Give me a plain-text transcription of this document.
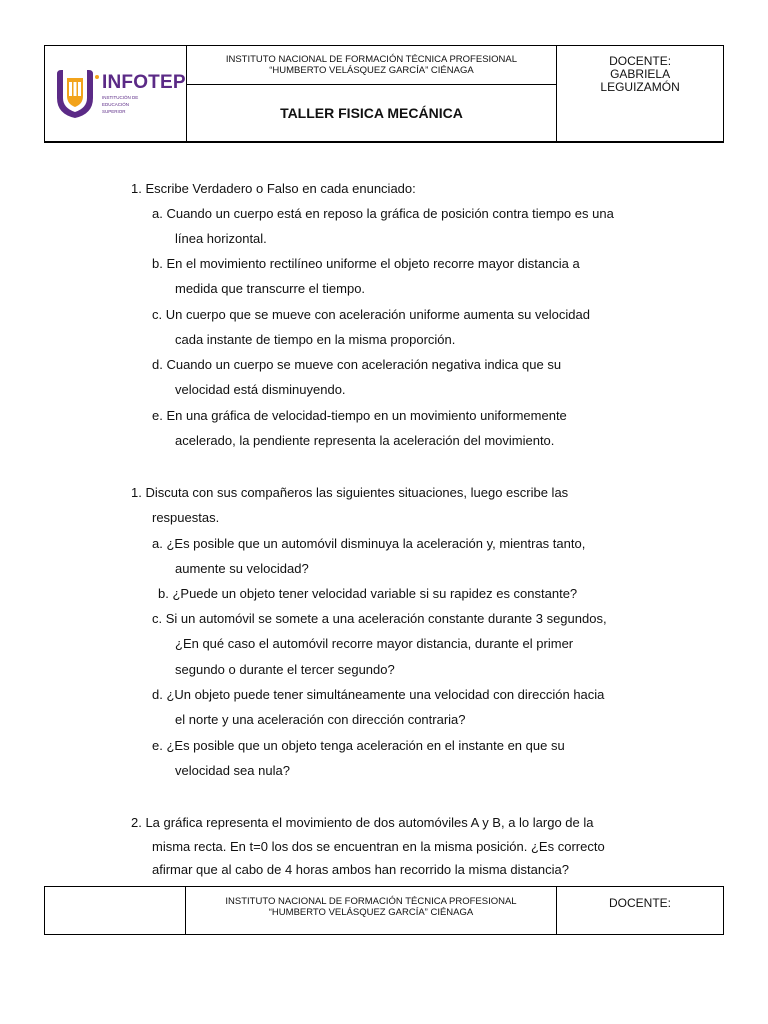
INFOTEP
INSTITUCIÓN DE
EDUCACIÓN
SUPERIOR

INSTITUTO NACIONAL DE FORMACIÓN TÉCNICA PROFESIONAL
“HUMBERTO VELÁSQUEZ GARCÍA” CIÉNAGA

DOCENTE:
GABRIELA
LEGUIZAMÓN

TALLER FISICA MECÁNICA
1. Escribe Verdadero o Falso en cada enunciado:
a. Cuando un cuerpo está en reposo la gráfica de posición contra tiempo es una
línea horizontal.
b. En el movimiento rectilíneo uniforme el objeto recorre mayor distancia a
medida que transcurre el tiempo.
c. Un cuerpo que se mueve con aceleración uniforme aumenta su velocidad
cada instante de tiempo en la misma proporción.
d. Cuando un cuerpo se mueve con aceleración negativa indica que su
velocidad está disminuyendo.
e. En una gráfica de velocidad-tiempo en un movimiento uniformemente
acelerado, la pendiente representa la aceleración del movimiento.
1. Discuta con sus compañeros las siguientes situaciones, luego escribe las
respuestas.
a. ¿Es posible que un automóvil disminuya la aceleración y, mientras tanto,
aumente su velocidad?
b. ¿Puede un objeto tener velocidad variable si su rapidez es constante?
c. Si un automóvil se somete a una aceleración constante durante 3 segundos,
¿En qué caso el automóvil recorre mayor distancia, durante el primer
segundo o durante el tercer segundo?
d. ¿Un objeto puede tener simultáneamente una velocidad con dirección hacia
el norte y una aceleración con dirección contraria?
e. ¿Es posible que un objeto tenga aceleración en el instante en que su
velocidad sea nula?
2. La gráfica representa el movimiento de dos automóviles A y B, a lo largo de la
misma recta. En t=0 los dos se encuentran en la misma posición. ¿Es correcto
afirmar que al cabo de 4 horas ambos han recorrido la misma distancia?

INSTITUTO NACIONAL DE FORMACIÓN TÉCNICA PROFESIONAL
“HUMBERTO VELÁSQUEZ GARCÍA” CIÉNAGA
	DOCENTE:
